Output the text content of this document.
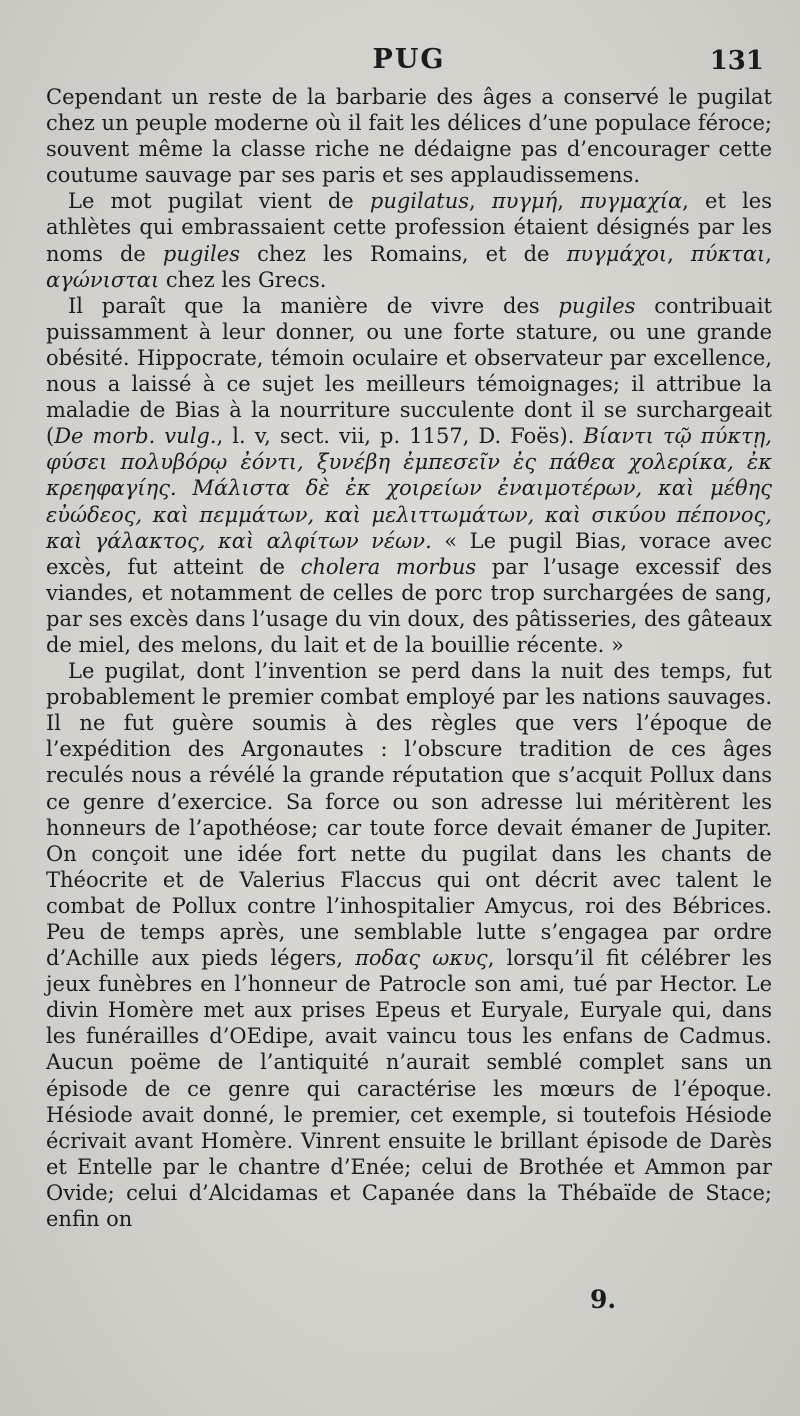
PUG	131

Cependant un reste de la barbarie des âges a conservé le pugilat chez un peuple moderne où il fait les délices d’une populace féroce; souvent même la classe riche ne dédaigne pas d’encourager cette coutume sauvage par ses paris et ses applaudissemens.

Le mot pugilat vient de pugilatus, πυγμή, πυγμαχία, et les athlètes qui embrassaient cette profession étaient désignés par les noms de pugiles chez les Romains, et de πυγμάχοι, πύκται, αγώνισται chez les Grecs.

Il paraît que la manière de vivre des pugiles contribuait puissamment à leur donner, ou une forte stature, ou une grande obésité. Hippocrate, témoin oculaire et observateur par excellence, nous a laissé à ce sujet les meilleurs témoignages; il attribue la maladie de Bias à la nourriture succulente dont il se surchargeait (De morb. vulg., l. v, sect. vii, p. 1157, D. Foës). Βίαντι τῷ πύκτῃ, φύσει πολυβόρῳ ἐόντι, ξυνέβη ἐμπεσεῖν ἐς πάθεα χολερίκα, ἐκ κρεηφαγίης. Μάλιστα δὲ ἐκ χοιρείων ἐναιμοτέρων, καὶ μέθης εὐώδεος, καὶ πεμμάτων, καὶ μελιττωμάτων, καὶ σικύου πέπονος, καὶ γάλακτος, καὶ αλφίτων νέων. « Le pugil Bias, vorace avec excès, fut atteint de cholera morbus par l’usage excessif des viandes, et notamment de celles de porc trop surchargées de sang, par ses excès dans l’usage du vin doux, des pâtisseries, des gâteaux de miel, des melons, du lait et de la bouillie récente. »

Le pugilat, dont l’invention se perd dans la nuit des temps, fut probablement le premier combat employé par les nations sauvages. Il ne fut guère soumis à des règles que vers l’époque de l’expédition des Argonautes : l’obscure tradition de ces âges reculés nous a révélé la grande réputation que s’acquit Pollux dans ce genre d’exercice. Sa force ou son adresse lui méritèrent les honneurs de l’apothéose; car toute force devait émaner de Jupiter. On conçoit une idée fort nette du pugilat dans les chants de Théocrite et de Valerius Flaccus qui ont décrit avec talent le combat de Pollux contre l’inhospitalier Amycus, roi des Bébrices. Peu de temps après, une semblable lutte s’engagea par ordre d’Achille aux pieds légers, ποδας ωκυς, lorsqu’il fit célébrer les jeux funèbres en l’honneur de Patrocle son ami, tué par Hector. Le divin Homère met aux prises Epeus et Euryale, Euryale qui, dans les funérailles d’OEdipe, avait vaincu tous les enfans de Cadmus. Aucun poëme de l’antiquité n’aurait semblé complet sans un épisode de ce genre qui caractérise les mœurs de l’époque. Hésiode avait donné, le premier, cet exemple, si toutefois Hésiode écrivait avant Homère. Vinrent ensuite le brillant épisode de Darès et Entelle par le chantre d’Enée; celui de Brothée et Ammon par Ovide; celui d’Alcidamas et Capanée dans la Thébaïde de Stace; enfin on

9.
